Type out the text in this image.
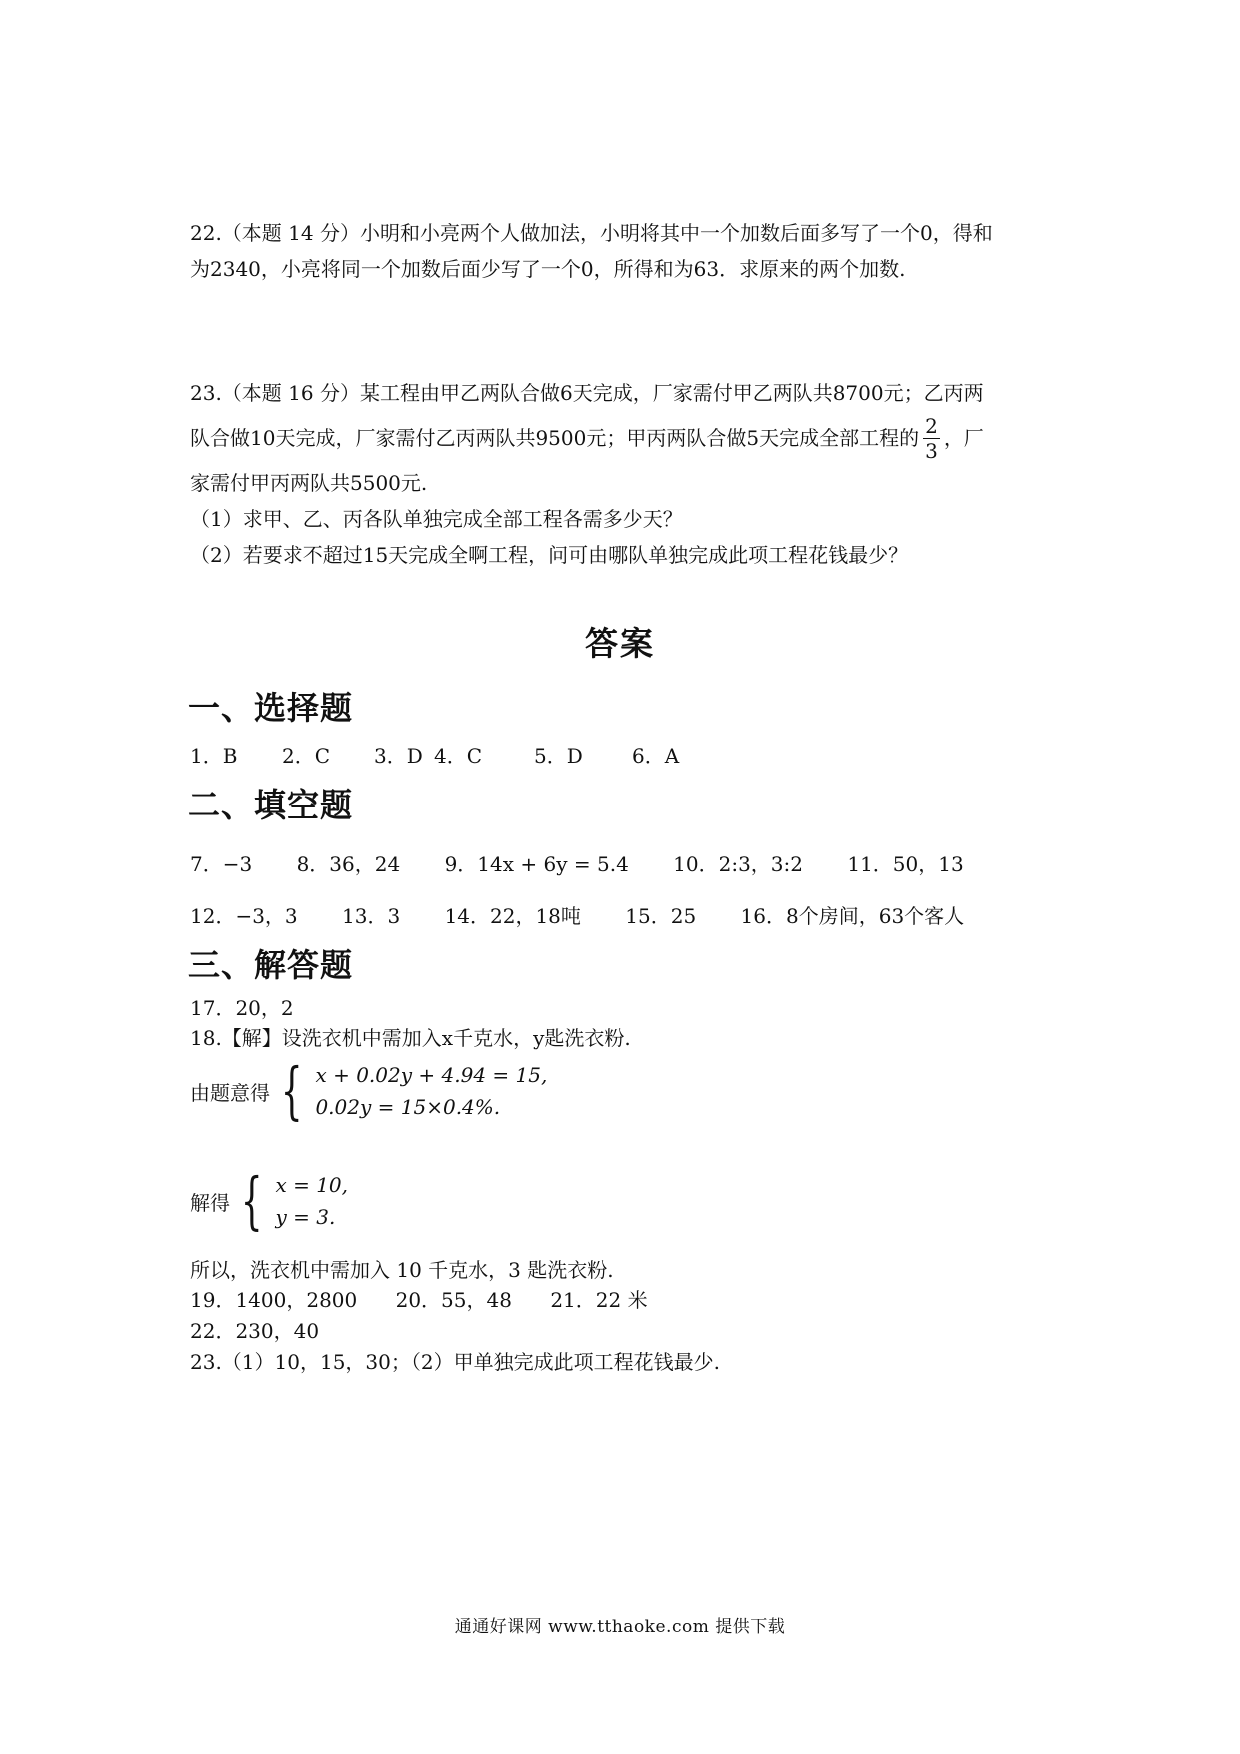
22.（本题 14 分）小明和小亮两个人做加法，小明将其中一个加数后面多写了一个0，得和
为2340，小亮将同一个加数后面少写了一个0，所得和为63．求原来的两个加数.
23.（本题 16 分）某工程由甲乙两队合做6天完成，厂家需付甲乙两队共8700元；乙丙两
队合做10天完成，厂家需付乙丙两队共9500元；甲丙两队合做5天完成全部工程的 $\frac{2}{3}$ ，厂
家需付甲丙两队共5500元.
（1）求甲、乙、丙各队单独完成全部工程各需多少天？
（2）若要求不超过15天完成全啊工程，问可由哪队单独完成此项工程花钱最少？
答案
一、选择题
1．B 2．C 3．D 4．C	5．D 6．A
二、填空题
7．−3 8．36，24 9．14x + 6y = 5.4 10．2:3，3:2 11．50，13
12．−3，3 13．3 14．22，18吨 15．25 16．8个房间，63个客人
三、解答题
17．20，2
18.【解】设洗衣机中需加入x千克水，y匙洗衣粉.
由题意得 { x + 0.02y + 4.94 = 15,
0.02y = 15×0.4%.
解得 { x = 10,
y = 3.
所以，洗衣机中需加入 10 千克水，3 匙洗衣粉.
19．1400，2800 20．55，48 21．22 米
22．230，40
23.（1）10，15，30；（2）甲单独完成此项工程花钱最少.
通通好课网 www.tthaoke.com 提供下载
